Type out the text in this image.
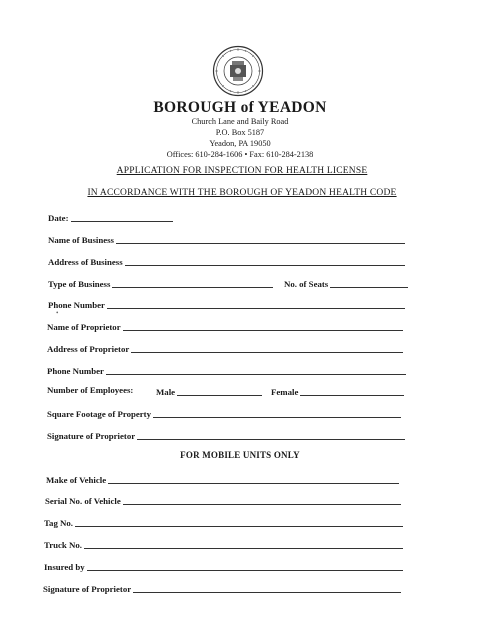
BOROUGH of YEADON
Church Lane and Baily Road
P.O. Box 5187
Yeadon, PA 19050
Offices: 610-284-1606 • Fax: 610-284-2138
APPLICATION FOR INSPECTION FOR HEALTH LICENSE
IN ACCORDANCE WITH THE BOROUGH OF YEADON HEALTH CODE
Date:
Name of Business
Address of Business
Type of Business	No. of Seats
Phone Number
•
Name of Proprietor
Address of Proprietor
Phone Number
Number of Employees:	Male	Female
Square Footage of Property
Signature of Proprietor
FOR MOBILE UNITS ONLY
Make of Vehicle
Serial No. of Vehicle
Tag No.
Truck No.
Insured by
Signature of Proprietor
